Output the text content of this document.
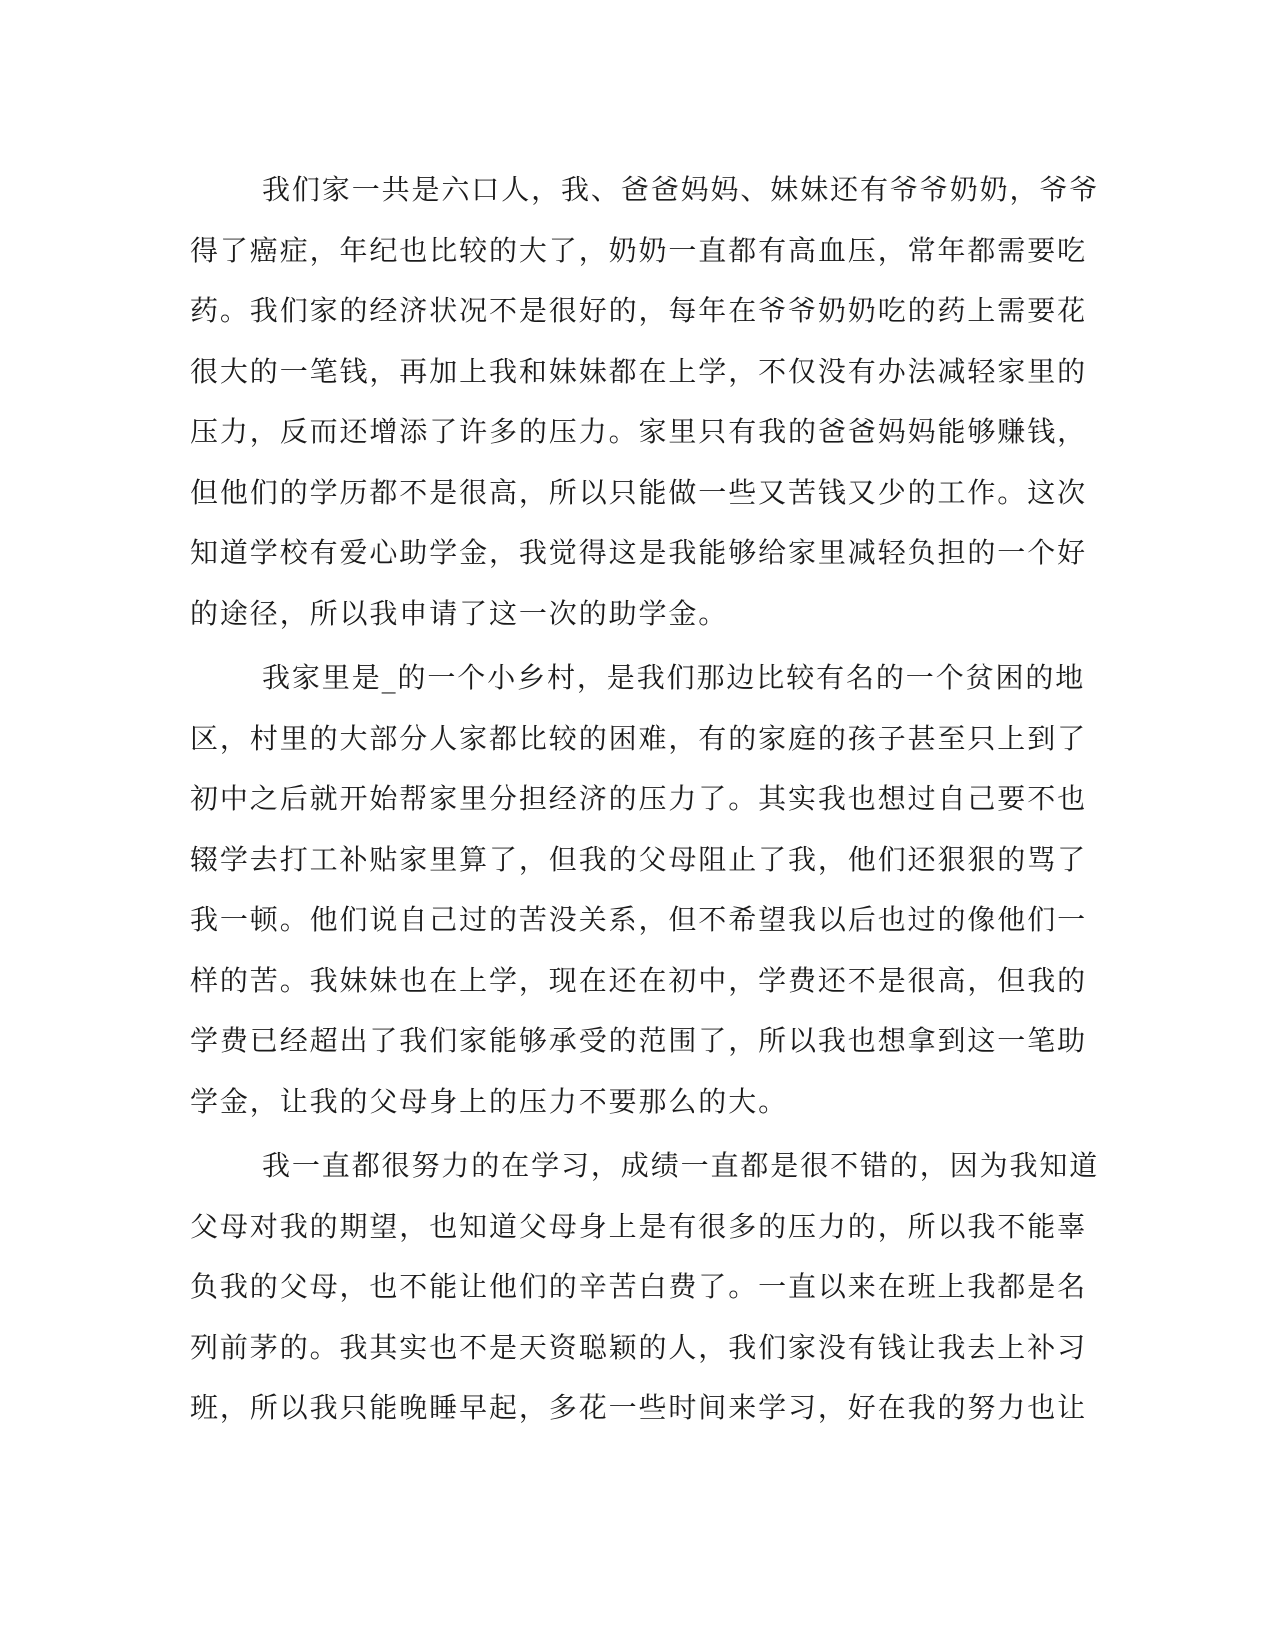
我们家一共是六口人，我、爸爸妈妈、妹妹还有爷爷奶奶，爷爷
得了癌症，年纪也比较的大了，奶奶一直都有高血压，常年都需要吃
药。我们家的经济状况不是很好的，每年在爷爷奶奶吃的药上需要花
很大的一笔钱，再加上我和妹妹都在上学，不仅没有办法减轻家里的
压力，反而还增添了许多的压力。家里只有我的爸爸妈妈能够赚钱，
但他们的学历都不是很高，所以只能做一些又苦钱又少的工作。这次
知道学校有爱心助学金，我觉得这是我能够给家里减轻负担的一个好
的途径，所以我申请了这一次的助学金。
我家里是_的一个小乡村，是我们那边比较有名的一个贫困的地
区，村里的大部分人家都比较的困难，有的家庭的孩子甚至只上到了
初中之后就开始帮家里分担经济的压力了。其实我也想过自己要不也
辍学去打工补贴家里算了，但我的父母阻止了我，他们还狠狠的骂了
我一顿。他们说自己过的苦没关系，但不希望我以后也过的像他们一
样的苦。我妹妹也在上学，现在还在初中，学费还不是很高，但我的
学费已经超出了我们家能够承受的范围了，所以我也想拿到这一笔助
学金，让我的父母身上的压力不要那么的大。
我一直都很努力的在学习，成绩一直都是很不错的，因为我知道
父母对我的期望，也知道父母身上是有很多的压力的，所以我不能辜
负我的父母，也不能让他们的辛苦白费了。一直以来在班上我都是名
列前茅的。我其实也不是天资聪颖的人，我们家没有钱让我去上补习
班，所以我只能晚睡早起，多花一些时间来学习，好在我的努力也让
